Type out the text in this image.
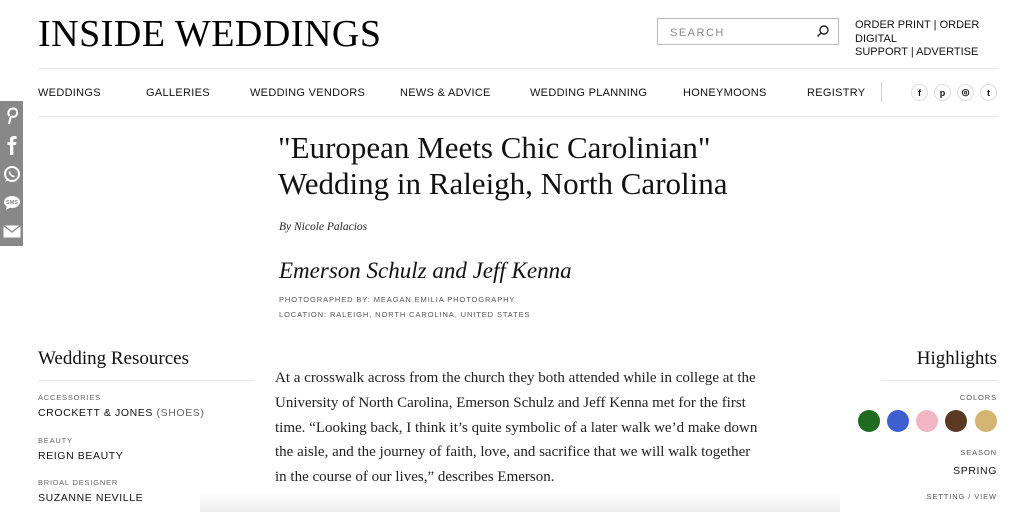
INSIDE WEDDINGS
SEARCH	ORDER PRINT | ORDER DIGITAL
SUPPORT | ADVERTISE
WEDDINGS	GALLERIES	WEDDING VENDORS	NEWS & ADVICE	WEDDING PLANNING	HONEYMOONS	REGISTRY	f	p	◎	t
SMS
"European Meets Chic Carolinian"
Wedding in Raleigh, North Carolina
By Nicole Palacios
Emerson Schulz and Jeff Kenna
PHOTOGRAPHED BY: MEAGAN EMILIA PHOTOGRAPHY
LOCATION: RALEIGH, NORTH CAROLINA, UNITED STATES
Wedding Resources
ACCESSORIES
CROCKETT & JONES (SHOES)
BEAUTY
REIGN BEAUTY
BRIDAL DESIGNER
SUZANNE NEVILLE
At a crosswalk across from the church they both attended while in college at the University of North Carolina, Emerson Schulz and Jeff Kenna met for the first time. “Looking back, I think it’s quite symbolic of a later walk we’d make down the aisle, and the journey of faith, love, and sacrifice that we will walk together in the course of our lives,” describes Emerson.
Highlights
COLORS
SEASON
SPRING
SETTING / VIEW
